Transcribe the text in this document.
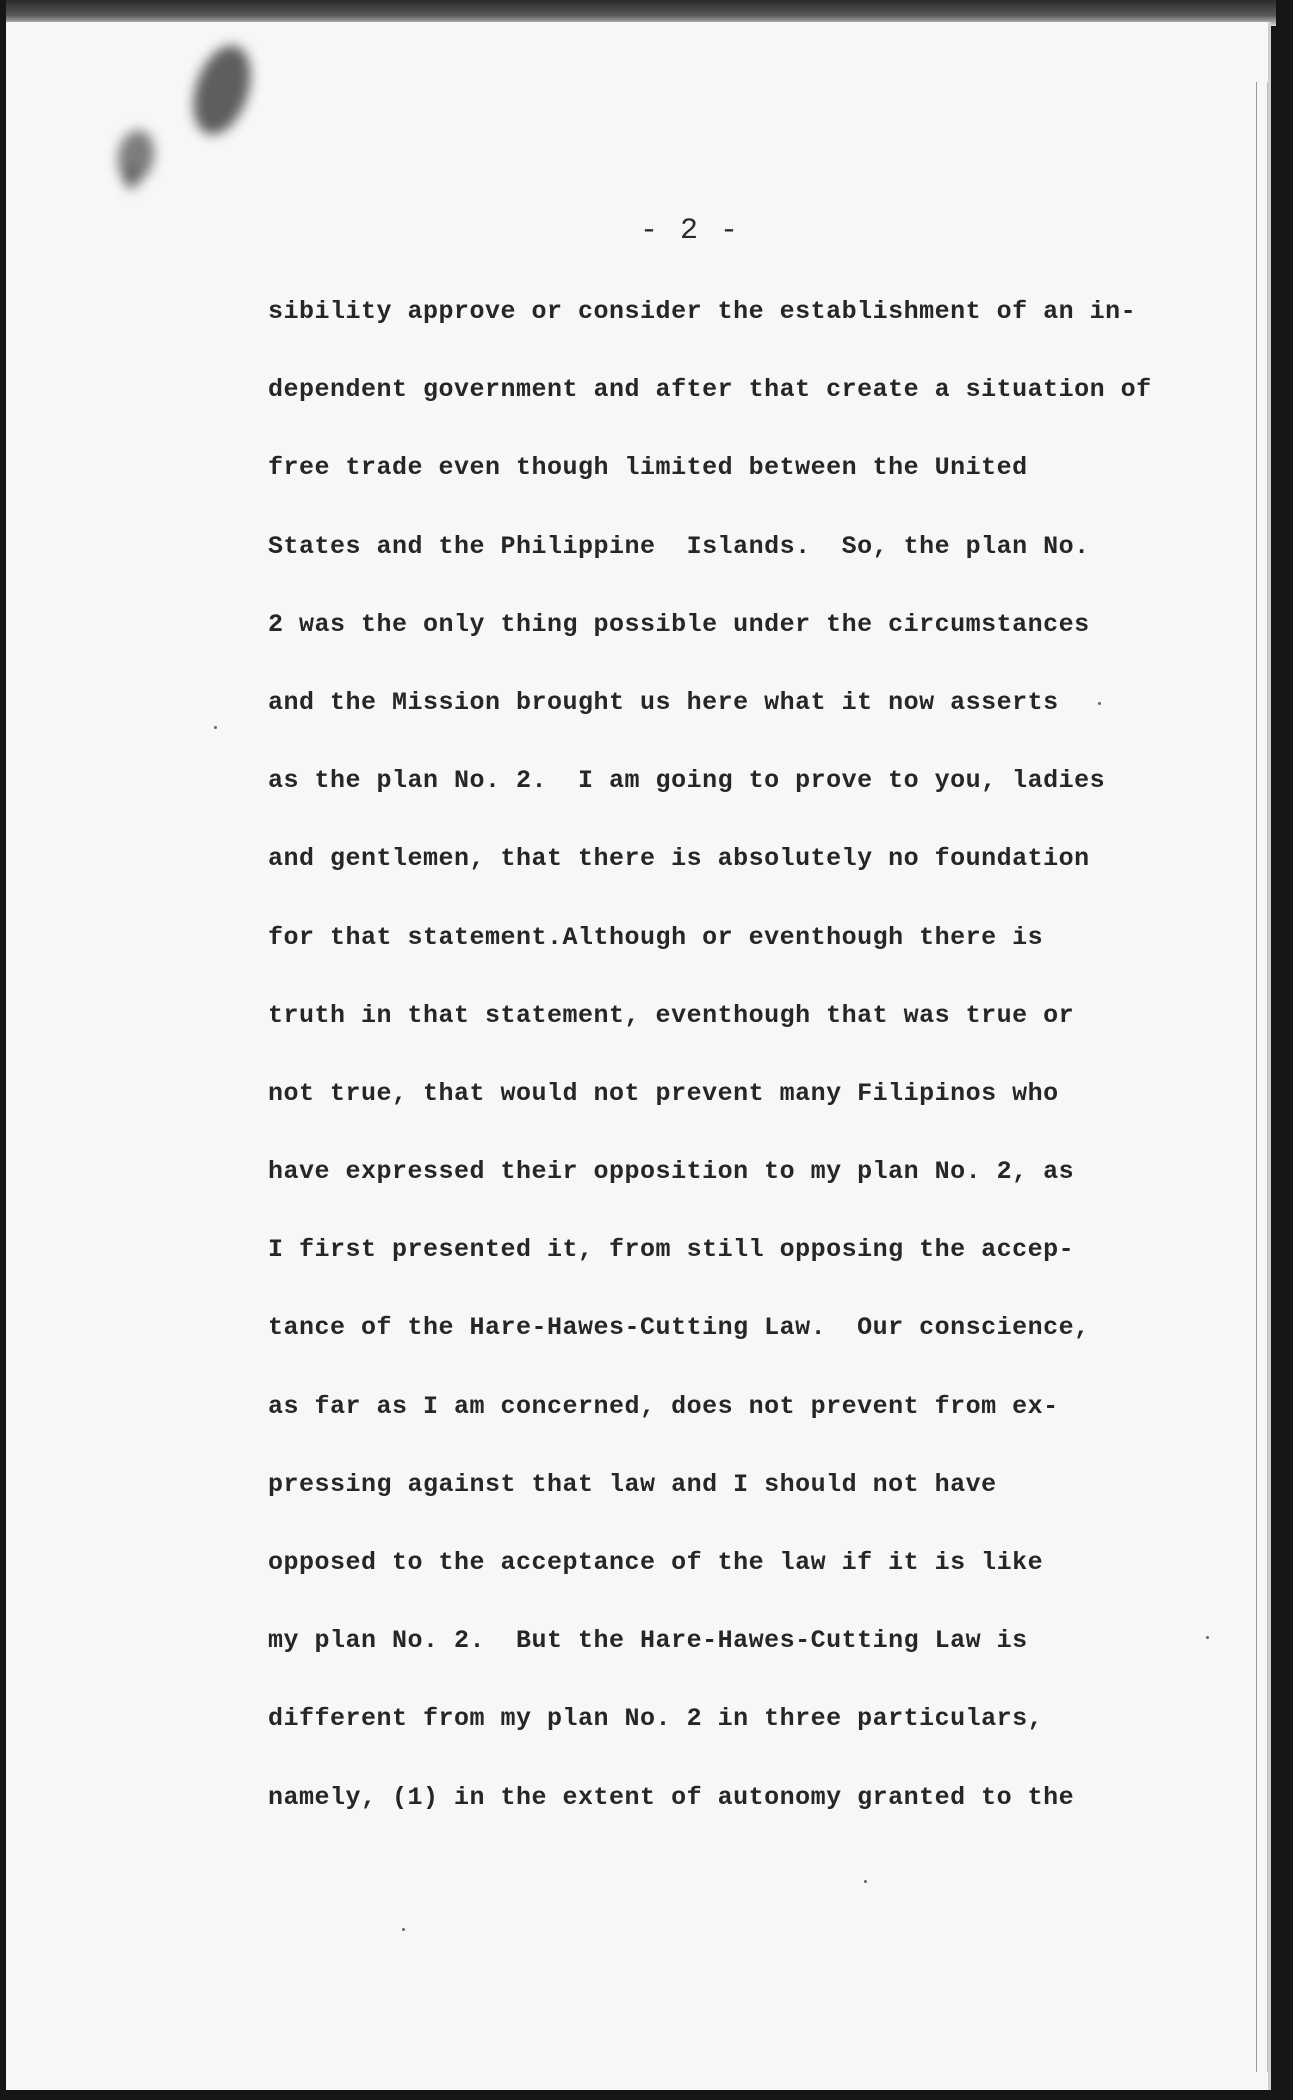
- 2 -
sibility approve or consider the establishment of an in-
dependent government and after that create a situation of
free trade even though limited between the United
States and the Philippine  Islands.  So, the plan No.
2 was the only thing possible under the circumstances
and the Mission brought us here what it now asserts
as the plan No. 2.  I am going to prove to you, ladies
and gentlemen, that there is absolutely no foundation
for that statement.Although or eventhough there is
truth in that statement, eventhough that was true or
not true, that would not prevent many Filipinos who
have expressed their opposition to my plan No. 2, as
I first presented it, from still opposing the accep-
tance of the Hare-Hawes-Cutting Law.  Our conscience,
as far as I am concerned, does not prevent from ex-
pressing against that law and I should not have
opposed to the acceptance of the law if it is like
my plan No. 2.  But the Hare-Hawes-Cutting Law is
different from my plan No. 2 in three particulars,
namely, (1) in the extent of autonomy granted to the
